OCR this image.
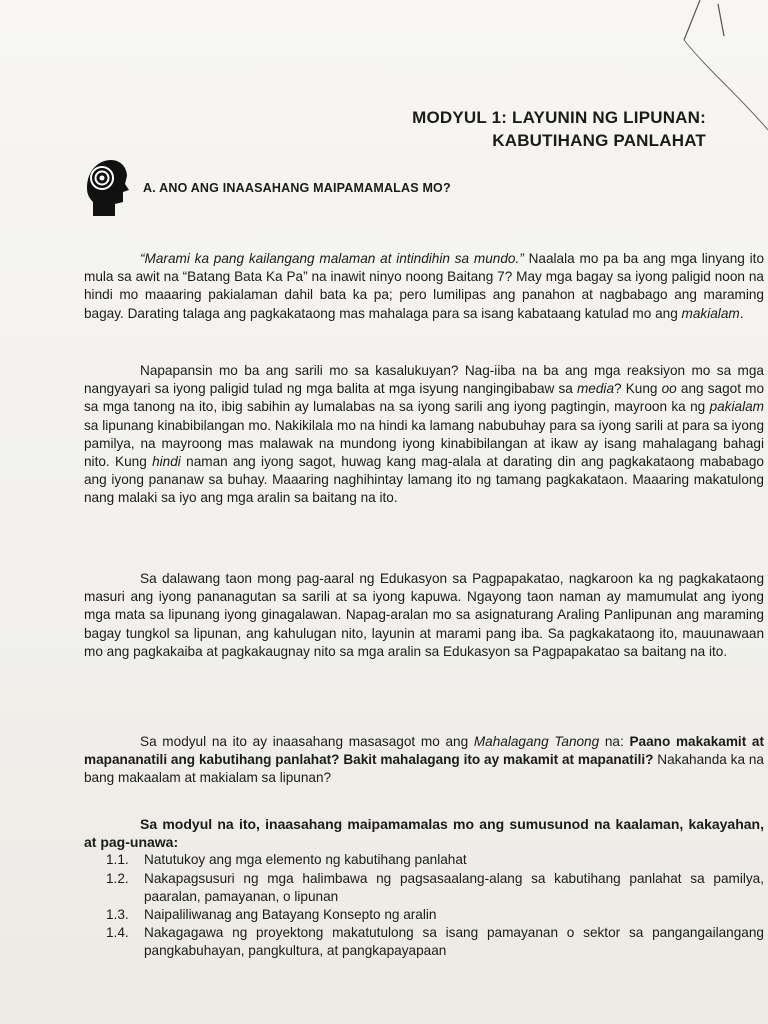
MODYUL 1: LAYUNIN NG LIPUNAN:
KABUTIHANG PANLAHAT
A. ANO ANG INAASAHANG MAIPAMAMALAS MO?

“Marami ka pang kailangang malaman at intindihin sa mundo.” Naalala mo pa ba ang mga linyang ito mula sa awit na “Batang Bata Ka Pa” na inawit ninyo noong Baitang 7? May mga bagay sa iyong paligid noon na hindi mo maaaring pakialaman dahil bata ka pa; pero lumilipas ang panahon at nagbabago ang maraming bagay. Darating talaga ang pagkakataong mas mahalaga para sa isang kabataang katulad mo ang makialam.

Napapansin mo ba ang sarili mo sa kasalukuyan? Nag-iiba na ba ang mga reaksiyon mo sa mga nangyayari sa iyong paligid tulad ng mga balita at mga isyung nangingibabaw sa media? Kung oo ang sagot mo sa mga tanong na ito, ibig sabihin ay lumalabas na sa iyong sarili ang iyong pagtingin, mayroon ka ng pakialam sa lipunang kinabibilangan mo. Nakikilala mo na hindi ka lamang nabubuhay para sa iyong sarili at para sa iyong pamilya, na mayroong mas malawak na mundong iyong kinabibilangan at ikaw ay isang mahalagang bahagi nito. Kung hindi naman ang iyong sagot, huwag kang mag-alala at darating din ang pagkakataong mababago ang iyong pananaw sa buhay. Maaaring naghihintay lamang ito ng tamang pagkakataon. Maaaring makatulong nang malaki sa iyo ang mga aralin sa baitang na ito.

Sa dalawang taon mong pag-aaral ng Edukasyon sa Pagpapakatao, nagkaroon ka ng pagkakataong masuri ang iyong pananagutan sa sarili at sa iyong kapuwa. Ngayong taon naman ay mamumulat ang iyong mga mata sa lipunang iyong ginagalawan. Napag-aralan mo sa asignaturang Araling Panlipunan ang maraming bagay tungkol sa lipunan, ang kahulugan nito, layunin at marami pang iba. Sa pagkakataong ito, mauunawaan mo ang pagkakaiba at pagkakaugnay nito sa mga aralin sa Edukasyon sa Pagpapakatao sa baitang na ito.

Sa modyul na ito ay inaasahang masasagot mo ang Mahalagang Tanong na: Paano makakamit at mapananatili ang kabutihang panlahat? Bakit mahalagang ito ay makamit at mapanatili? Nakahanda ka na bang makaalam at makialam sa lipunan?

Sa modyul na ito, inaasahang maipamamalas mo ang sumusunod na kaalaman, kakayahan, at pag-unawa:

1.1. Natutukoy ang mga elemento ng kabutihang panlahat
1.2. Nakapagsusuri ng mga halimbawa ng pagsasaalang-alang sa kabutihang panlahat sa pamilya, paaralan, pamayanan, o lipunan
1.3. Naipaliliwanag ang Batayang Konsepto ng aralin
1.4. Nakagagawa ng proyektong makatutulong sa isang pamayanan o sektor sa pangangailangang pangkabuhayan, pangkultura, at pangkapayapaan
